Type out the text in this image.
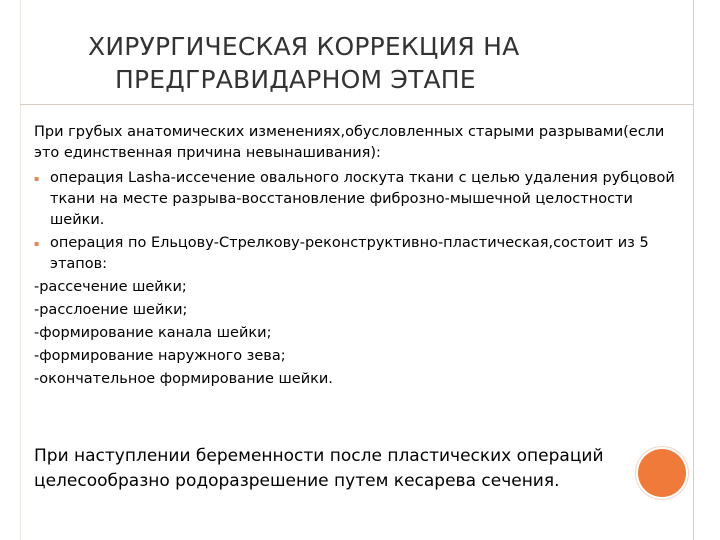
ХИРУРГИЧЕСКАЯ КОРРЕКЦИЯ НА
ПРЕДГРАВИДАРНОМ ЭТАПЕ

При грубых анатомических изменениях,обусловленных старыми разрывами(если это единственная причина невынашивания):

▪ операция Lasha-иссечение овального лоскута ткани с целью удаления рубцовой ткани на месте разрыва-восстановление фиброзно-мышечной целостности шейки.
▪ операция по Ельцову-Стрелкову-реконструктивно-пластическая,состоит из 5 этапов:
-рассечение шейки;
-расслоение шейки;
-формирование канала шейки;
-формирование наружного зева;
-окончательное формирование шейки.
При наступлении беременности после пластических операций целесообразно родоразрешение путем кесарева сечения.
